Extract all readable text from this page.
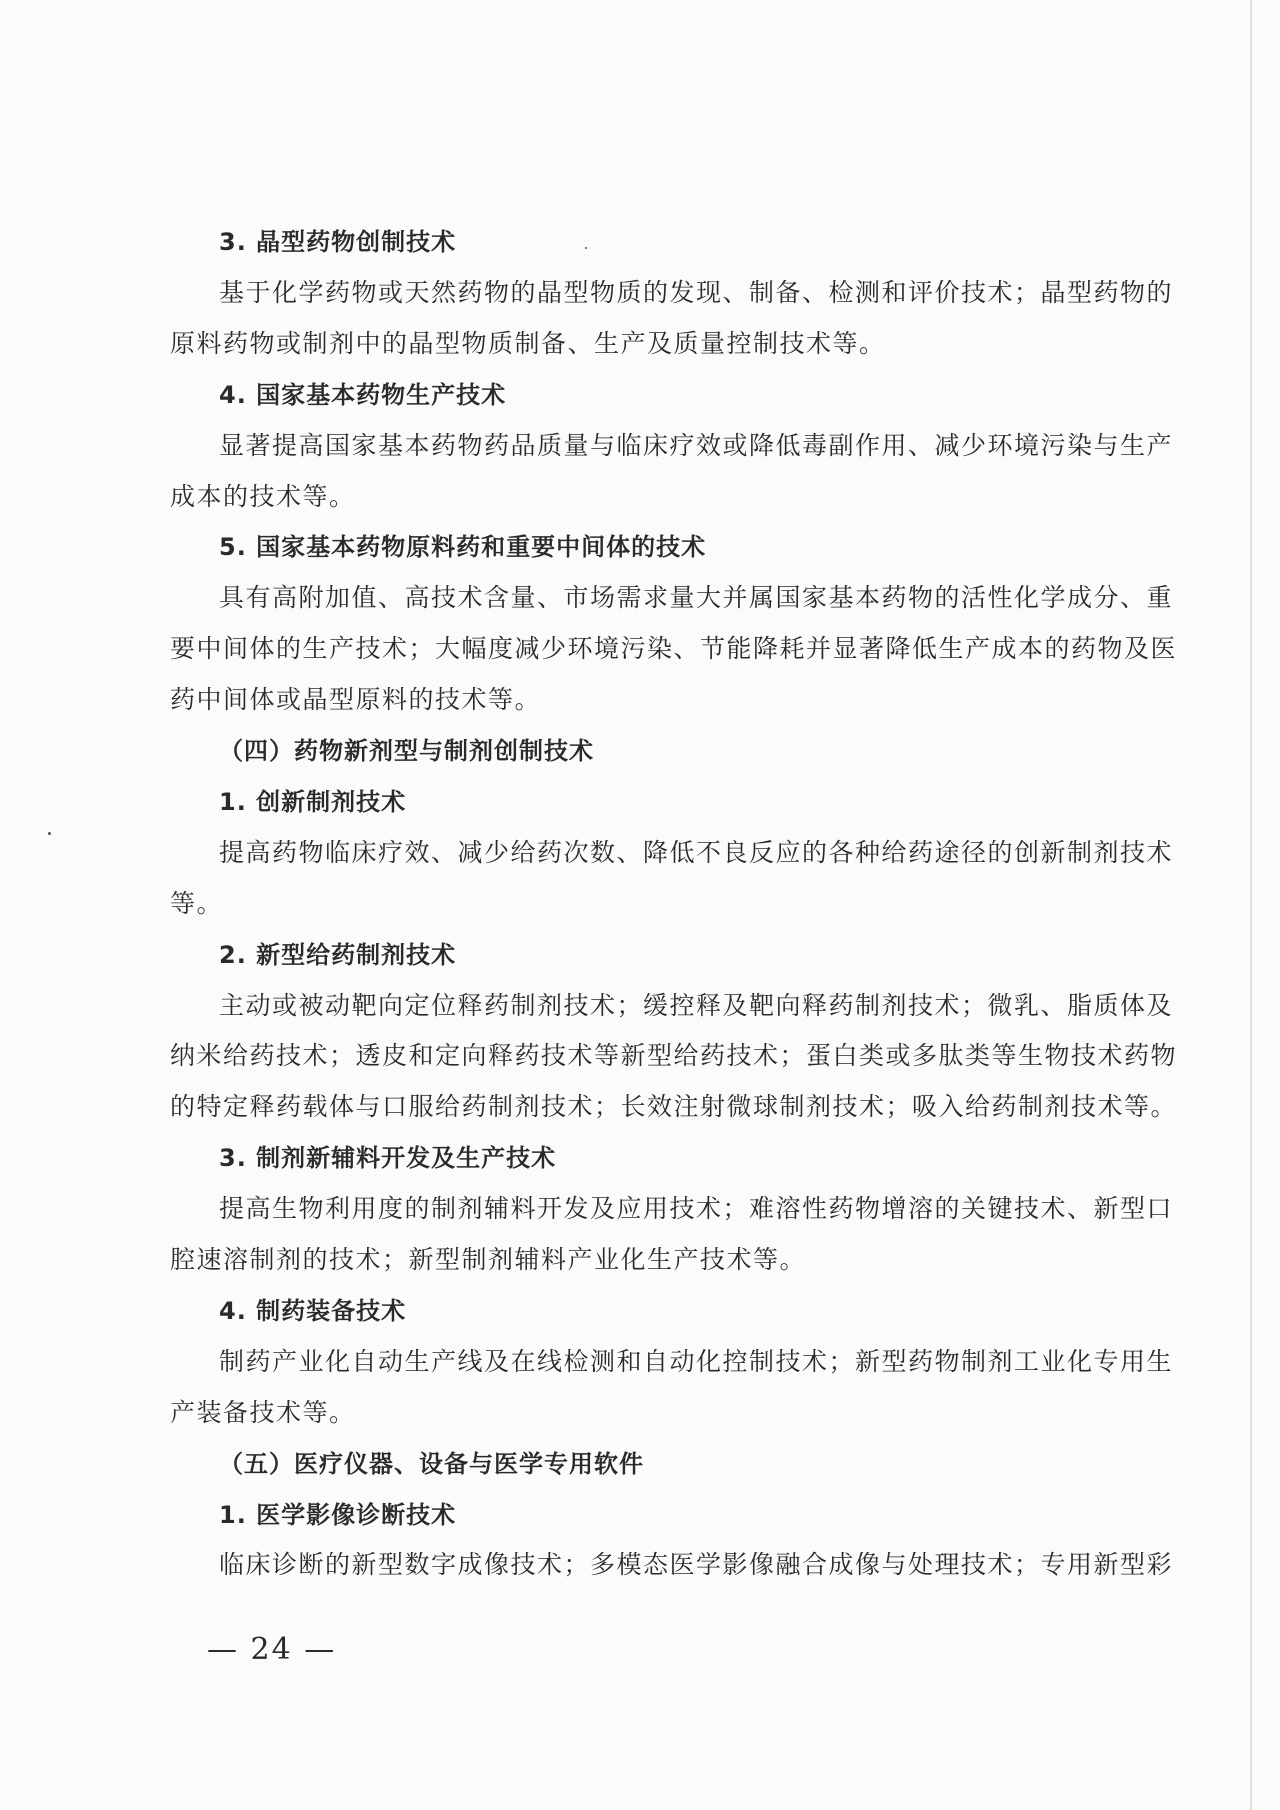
3. 晶型药物创制技术
基于化学药物或天然药物的晶型物质的发现、制备、检测和评价技术；晶型药物的
原料药物或制剂中的晶型物质制备、生产及质量控制技术等。
4. 国家基本药物生产技术
显著提高国家基本药物药品质量与临床疗效或降低毒副作用、减少环境污染与生产
成本的技术等。
5. 国家基本药物原料药和重要中间体的技术
具有高附加值、高技术含量、市场需求量大并属国家基本药物的活性化学成分、重
要中间体的生产技术；大幅度减少环境污染、节能降耗并显著降低生产成本的药物及医
药中间体或晶型原料的技术等。
（四）药物新剂型与制剂创制技术
1. 创新制剂技术
提高药物临床疗效、减少给药次数、降低不良反应的各种给药途径的创新制剂技术
等。
2. 新型给药制剂技术
主动或被动靶向定位释药制剂技术；缓控释及靶向释药制剂技术；微乳、脂质体及
纳米给药技术；透皮和定向释药技术等新型给药技术；蛋白类或多肽类等生物技术药物
的特定释药载体与口服给药制剂技术；长效注射微球制剂技术；吸入给药制剂技术等。
3. 制剂新辅料开发及生产技术
提高生物利用度的制剂辅料开发及应用技术；难溶性药物增溶的关键技术、新型口
腔速溶制剂的技术；新型制剂辅料产业化生产技术等。
4. 制药装备技术
制药产业化自动生产线及在线检测和自动化控制技术；新型药物制剂工业化专用生
产装备技术等。
（五）医疗仪器、设备与医学专用软件
1. 医学影像诊断技术
临床诊断的新型数字成像技术；多模态医学影像融合成像与处理技术；专用新型彩
— 24 —
